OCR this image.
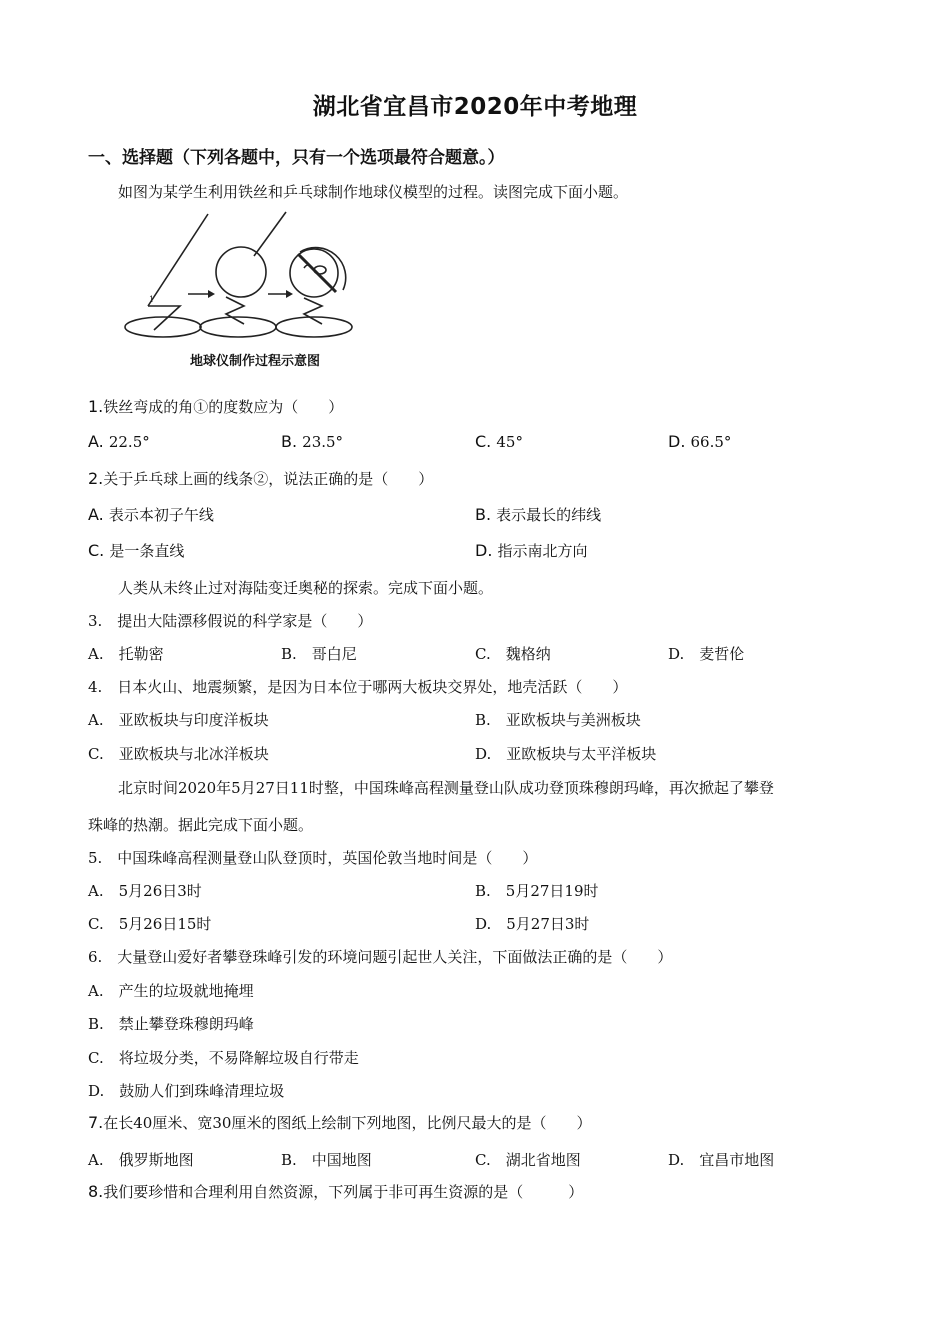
湖北省宜昌市2020年中考地理
一、选择题（下列各题中，只有一个选项最符合题意。）
如图为某学生利用铁丝和乒乓球制作地球仪模型的过程。读图完成下面小题。
1
地球仪制作过程示意图
1.铁丝弯成的角①的度数应为（　　）
A. 22.5°	B. 23.5°	C. 45°	D. 66.5°
2.关于乒乓球上画的线条②，说法正确的是（　　）
A. 表示本初子午线	B. 表示最长的纬线
C. 是一条直线	D. 指示南北方向
人类从未终止过对海陆变迁奥秘的探索。完成下面小题。
3.　提出大陆漂移假说的科学家是（　　）
A.　托勒密	B.　哥白尼	C.　魏格纳	D.　麦哲伦
4.　日本火山、地震频繁，是因为日本位于哪两大板块交界处，地壳活跃（　　）
A.　亚欧板块与印度洋板块	B.　亚欧板块与美洲板块
C.　亚欧板块与北冰洋板块	D.　亚欧板块与太平洋板块
北京时间2020年5月27日11时整，中国珠峰高程测量登山队成功登顶珠穆朗玛峰，再次掀起了攀登
珠峰的热潮。据此完成下面小题。
5.　中国珠峰高程测量登山队登顶时，英国伦敦当地时间是（　　）
A.　5月26日3时	B.　5月27日19时
C.　5月26日15时	D.　5月27日3时
6.　大量登山爱好者攀登珠峰引发的环境问题引起世人关注，下面做法正确的是（　　）
A.　产生的垃圾就地掩埋
B.　禁止攀登珠穆朗玛峰
C.　将垃圾分类，不易降解垃圾自行带走
D.　鼓励人们到珠峰清理垃圾
7.在长40厘米、宽30厘米的图纸上绘制下列地图，比例尺最大的是（　　）
A.　俄罗斯地图	B.　中国地图	C.　湖北省地图	D.　宜昌市地图
8.我们要珍惜和合理利用自然资源，下列属于非可再生资源的是（　　　）
